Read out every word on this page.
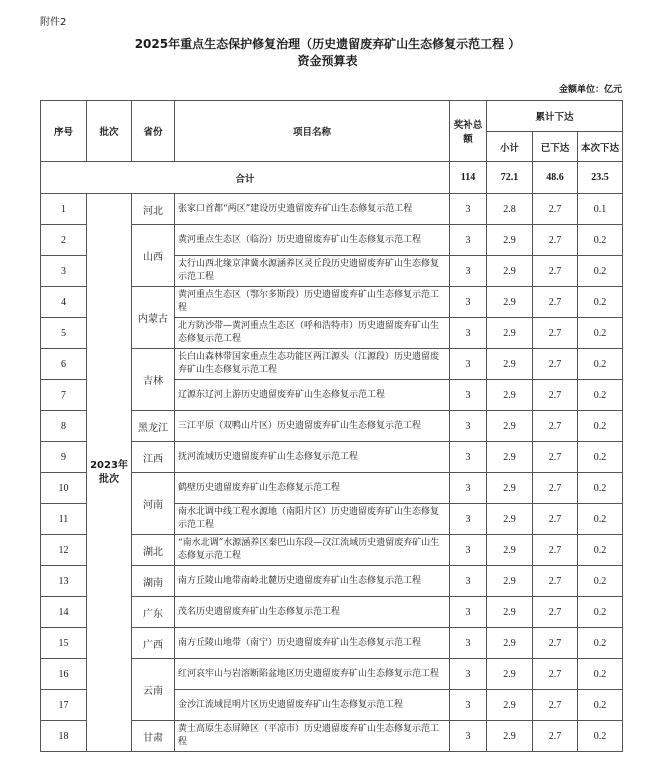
附件2
2025年重点生态保护修复治理（历史遗留废弃矿山生态修复示范工程 ）
资金预算表
金额单位：亿元
序号	批次	省份	项目名称	奖补总额	累计下达		
					小计	已下达	本次下达
合计				114	72.1	48.6	23.5
1	2023年批次	河北	张家口首都“两区”建设历史遗留废弃矿山生态修复示范工程	3	2.8	2.7	0.1
2		山西	黄河重点生态区（临汾）历史遗留废弃矿山生态修复示范工程	3	2.9	2.7	0.2
3			太行山西北缘京津冀水源涵养区灵丘段历史遗留废弃矿山生态修复示范工程	3	2.9	2.7	0.2
4		内蒙古	黄河重点生态区（鄂尔多斯段）历史遗留废弃矿山生态修复示范工程	3	2.9	2.7	0.2
5			北方防沙带—黄河重点生态区（呼和浩特市）历史遗留废弃矿山生态修复示范工程	3	2.9	2.7	0.2
6		吉林	长白山森林带国家重点生态功能区两江源头（江源段）历史遗留废弃矿山生态修复示范工程	3	2.9	2.7	0.2
7			辽源东辽河上游历史遗留废弃矿山生态修复示范工程	3	2.9	2.7	0.2
8		黑龙江	三江平原（双鸭山片区）历史遗留废弃矿山生态修复示范工程	3	2.9	2.7	0.2
9		江西	抚河流域历史遗留废弃矿山生态修复示范工程	3	2.9	2.7	0.2
10		河南	鹤壁历史遗留废弃矿山生态修复示范工程	3	2.9	2.7	0.2
11			南水北调中线工程水源地（南阳片区）历史遗留废弃矿山生态修复示范工程	3	2.9	2.7	0.2
12		湖北	“南水北调”水源涵养区秦巴山东段—汉江流域历史遗留废弃矿山生态修复示范工程	3	2.9	2.7	0.2
13		湖南	南方丘陵山地带南岭北麓历史遗留废弃矿山生态修复示范工程	3	2.9	2.7	0.2
14		广东	茂名历史遗留废弃矿山生态修复示范工程	3	2.9	2.7	0.2
15		广西	南方丘陵山地带（南宁）历史遗留废弃矿山生态修复示范工程	3	2.9	2.7	0.2
16		云南	红河哀牢山与岩溶断陷盆地区历史遗留废弃矿山生态修复示范工程	3	2.9	2.7	0.2
17			金沙江流域昆明片区历史遗留废弃矿山生态修复示范工程	3	2.9	2.7	0.2
18		甘肃	黄土高原生态屏障区（平凉市）历史遗留废弃矿山生态修复示范工程	3	2.9	2.7	0.2
